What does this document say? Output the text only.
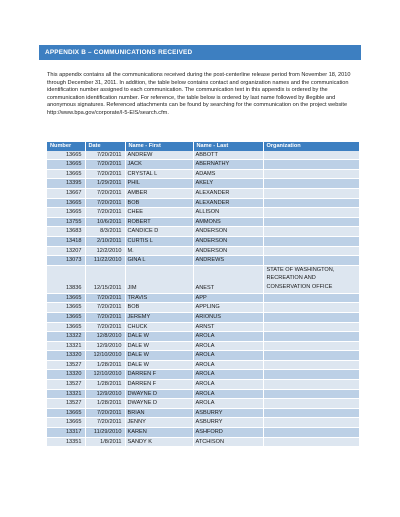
APPENDIX B – COMMUNICATIONS RECEIVED

This appendix contains all the communications received during the post-centerline release period from November 18, 2010 through December 31, 2011. In addition, the table below contains contact and organization names and the communication identification number assigned to each communication. The communication text in this appendix is ordered by the communication identification number. For reference, the table below is ordered by last name followed by illegible and anonymous signatures. Referenced attachments can be found by searching for the communication on the project website http://www.bpa.gov/corporate/I-5-EIS/search.cfm.

Number	Date	Name - First	Name - Last	Organization
13665	7/20/2011	ANDREW	ABBOTT	
13665	7/20/2011	JACK	ABERNATHY	
13665	7/20/2011	CRYSTAL L	ADAMS	
13395	1/29/2011	PHIL	AKELY	
13667	7/20/2011	AMBER	ALEXANDER	
13665	7/20/2011	BOB	ALEXANDER	
13665	7/20/2011	CHEE	ALLISON	
13755	10/6/2011	ROBERT	AMMONS	
13683	8/3/2011	CANDICE D	ANDERSON	
13418	2/10/2011	CURTIS L	ANDERSON	
13207	12/2/2010	M.	ANDERSON	
13073	11/22/2010	GINA L	ANDREWS	
13836	12/15/2011	JIM	ANEST	STATE OF WASHINGTON, RECREATION AND CONSERVATION OFFICE
13665	7/20/2011	TRAVIS	APP	
13665	7/20/2011	BOB	APPLING	
13665	7/20/2011	JEREMY	ARIONUS	
13665	7/20/2011	CHUCK	ARNST	
13322	12/8/2010	DALE W	AROLA	
13321	12/9/2010	DALE W	AROLA	
13320	12/10/2010	DALE W	AROLA	
13527	1/28/2011	DALE W	AROLA	
13320	12/10/2010	DARREN F	AROLA	
13527	1/28/2011	DARREN F	AROLA	
13321	12/9/2010	DWAYNE D	AROLA	
13527	1/28/2011	DWAYNE D	AROLA	
13665	7/20/2011	BRIAN	ASBURRY	
13665	7/20/2011	JENNY	ASBURRY	
13317	11/29/2010	KAREN	ASHFORD	
13351	1/8/2011	SANDY K	ATCHISON	
